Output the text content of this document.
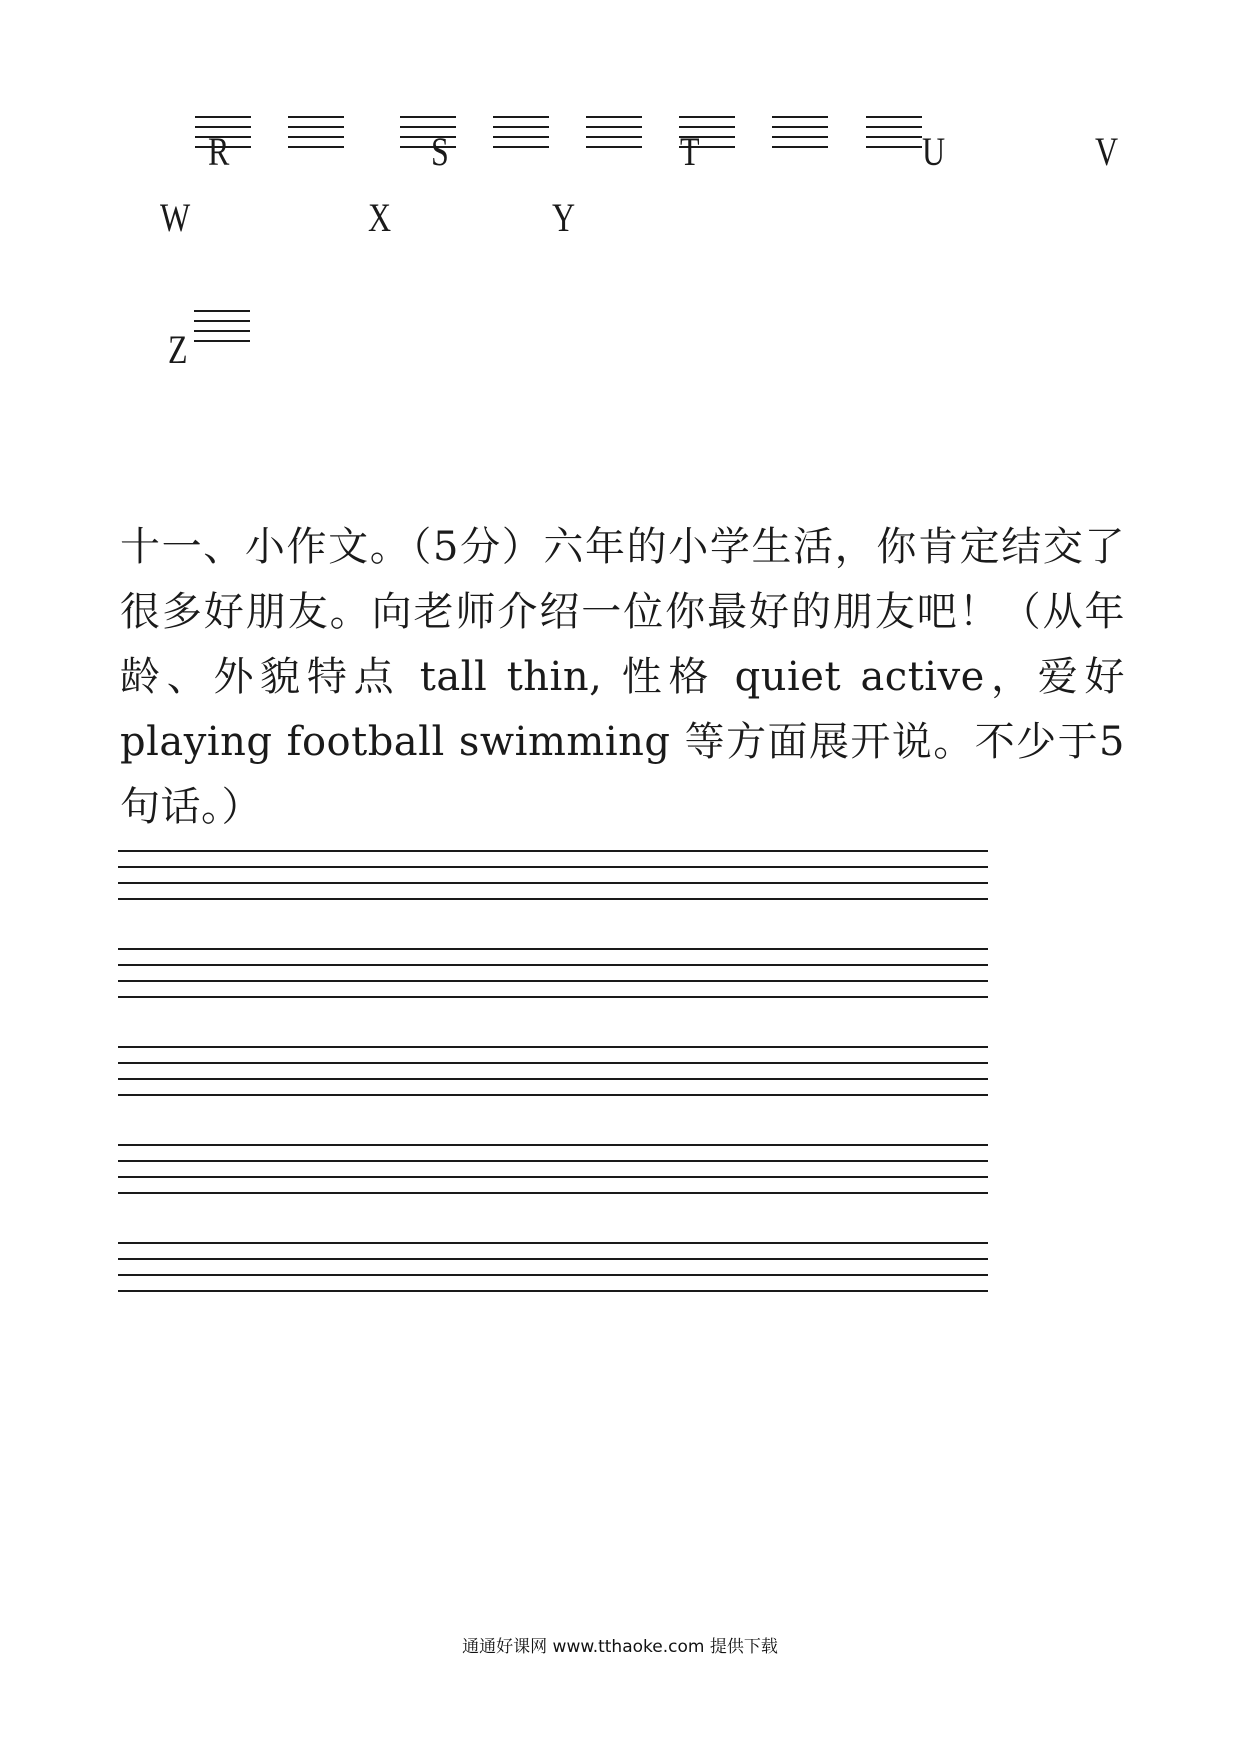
R	S	T	U	V
W	X	Y
Z

十一、小作文。（5分）六年的小学生活，你肯定结交了很多好朋友。向老师介绍一位你最好的朋友吧！（从年龄、外貌特点 tall thin, 性格 quiet active，爱好 playing football swimming 等方面展开说。不少于5句话。）

通通好课网 www.tthaoke.com 提供下载
